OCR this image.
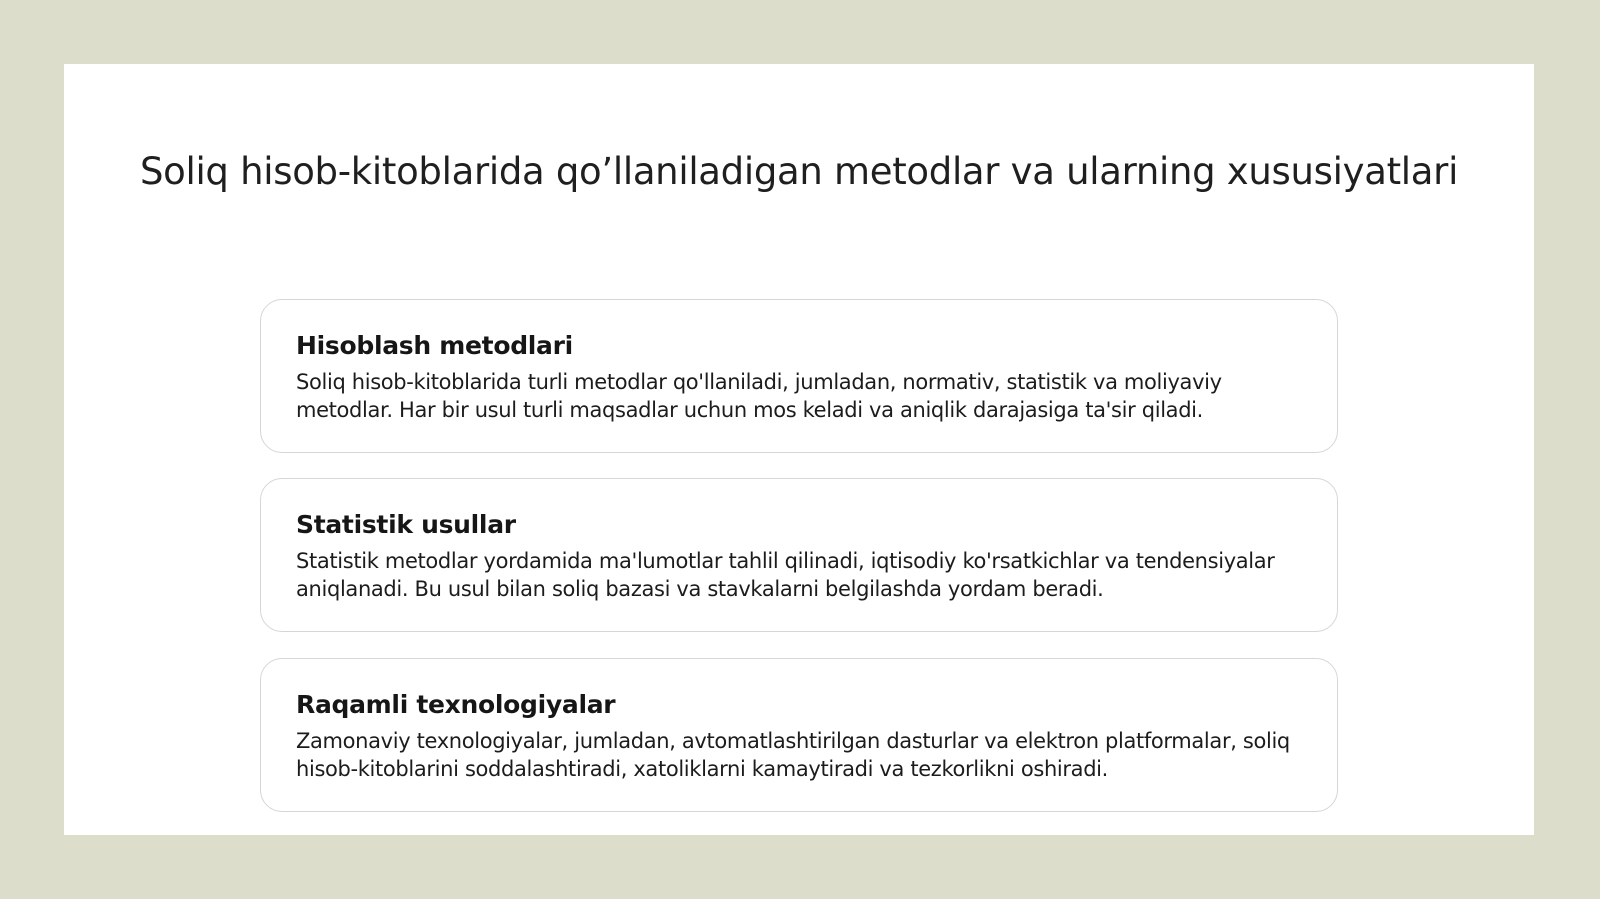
Soliq hisob-kitoblarida qo’llaniladigan metodlar va ularning xususiyatlari
Hisoblash metodlari

Soliq hisob-kitoblarida turli metodlar qo'llaniladi, jumladan, normativ, statistik va moliyaviy metodlar. Har bir usul turli maqsadlar uchun mos keladi va aniqlik darajasiga ta'sir qiladi.

Statistik usullar

Statistik metodlar yordamida ma'lumotlar tahlil qilinadi, iqtisodiy ko'rsatkichlar va tendensiyalar aniqlanadi. Bu usul bilan soliq bazasi va stavkalarni belgilashda yordam beradi.

Raqamli texnologiyalar

Zamonaviy texnologiyalar, jumladan, avtomatlashtirilgan dasturlar va elektron platformalar, soliq hisob-kitoblarini soddalashtiradi, xatoliklarni kamaytiradi va tezkorlikni oshiradi.
